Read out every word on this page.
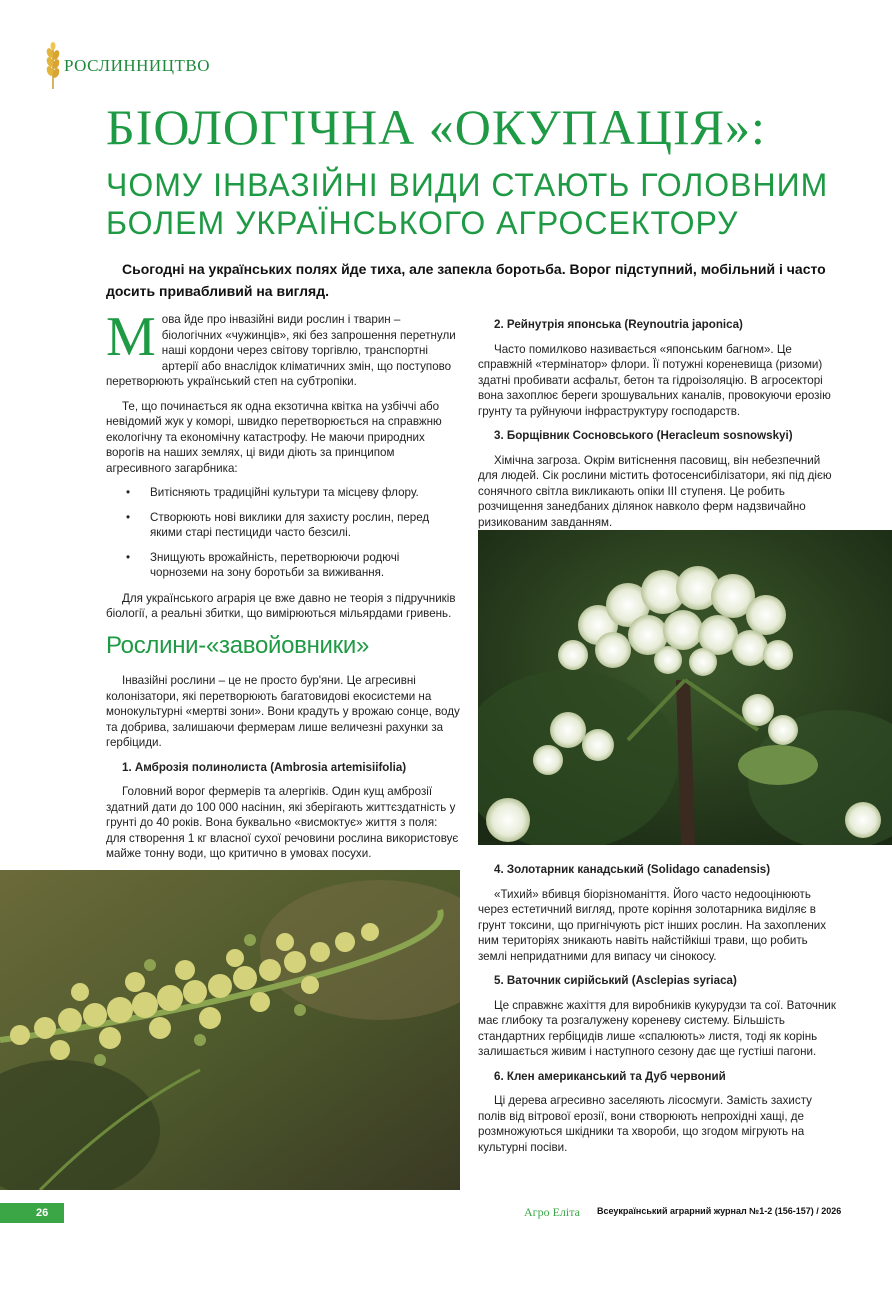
РОСЛИННИЦТВО
БІОЛОГІЧНА «ОКУПАЦІЯ»:
ЧОМУ ІНВАЗІЙНІ ВИДИ СТАЮТЬ ГОЛОВНИМ БОЛЕМ УКРАЇНСЬКОГО АГРОСЕКТОРУ
Сьогодні на українських полях йде тиха, але запекла боротьба. Ворог підступний, мобільний і часто досить привабливий на вигляд.

Мова йде про інвазійні види рослин і тварин – біологічних «чужинців», які без запрошення перетнули наші кордони через світову торгівлю, транспортні артерії або внаслідок кліматичних змін, що поступово перетворюють український степ на субтропіки.

Те, що починається як одна екзотична квітка на узбіччі або невідомий жук у коморі, швидко перетворюється на справжню екологічну та економічну катастрофу. Не маючи природних ворогів на наших землях, ці види діють за принципом агресивного загарбника:

• Витісняють традиційні культури та місцеву флору.
• Створюють нові виклики для захисту рослин, перед якими старі пестициди часто безсилі.
• Знищують врожайність, перетворюючи родючі чорноземи на зону боротьби за виживання.

Для українського аграрія це вже давно не теорія з підручників біології, а реальні збитки, що вимірюються мільярдами гривень.

Рослини-«завойовники»

Інвазійні рослини – це не просто бур'яни. Це агресивні колонізатори, які перетворюють багатовидові екосистеми на монокультурні «мертві зони». Вони крадуть у врожаю сонце, воду та добрива, залишаючи фермерам лише величезні рахунки за гербіциди.

1. Амброзія полинолиста (Ambrosia artemisiifolia)

Головний ворог фермерів та алергіків. Один кущ амброзії здатний дати до 100 000 насінин, які зберігають життєздатність у грунті до 40 років. Вона буквально «висмоктує» життя з поля: для створення 1 кг власної сухої речовини рослина використовує майже тонну води, що критично в умовах посухи.

2. Рейнутрія японська (Reynoutria japonica)

Часто помилково називається «японським багном». Це справжній «термінатор» флори. Її потужні кореневища (ризоми) здатні пробивати асфальт, бетон та гідроізоляцію. В агросекторі вона захоплює береги зрошувальних каналів, провокуючи ерозію грунту та руйнуючи інфраструктуру господарств.

3. Борщівник Сосновського (Heracleum sosnowskyi)

Хімічна загроза. Окрім витіснення пасовищ, він небезпечний для людей. Сік рослини містить фотосенсибілізатори, які під дією сонячного світла викликають опіки III ступеня. Це робить розчищення занедбаних ділянок навколо ферм надзвичайно ризикованим завданням.

4. Золотарник канадський (Solidago canadensis)

«Тихий» вбивця біорізноманіття. Його часто недооцінюють через естетичний вигляд, проте коріння золотарника виділяє в грунт токсини, що пригнічують ріст інших рослин. На захоплених ним територіях зникають навіть найстійкіші трави, що робить землі непридатними для випасу чи сінокосу.

5. Ваточник сирійський (Asclepias syriaca)

Це справжнє жахіття для виробників кукурудзи та сої. Ваточник має глибоку та розгалужену кореневу систему. Більшість стандартних гербіцидів лише «спалюють» листя, тоді як корінь залишається живим і наступного сезону дає ще густіші пагони.

6. Клен американський та Дуб червоний

Ці дерева агресивно заселяють лісосмуги. Замість захисту полів від вітрової ерозії, вони створюють непрохідні хащі, де розмножуються шкідники та хвороби, що згодом мігрують на культурні посіви.

26	Агро Еліта Всеукраїнський аграрний журнал №1-2 (156-157) / 2026
